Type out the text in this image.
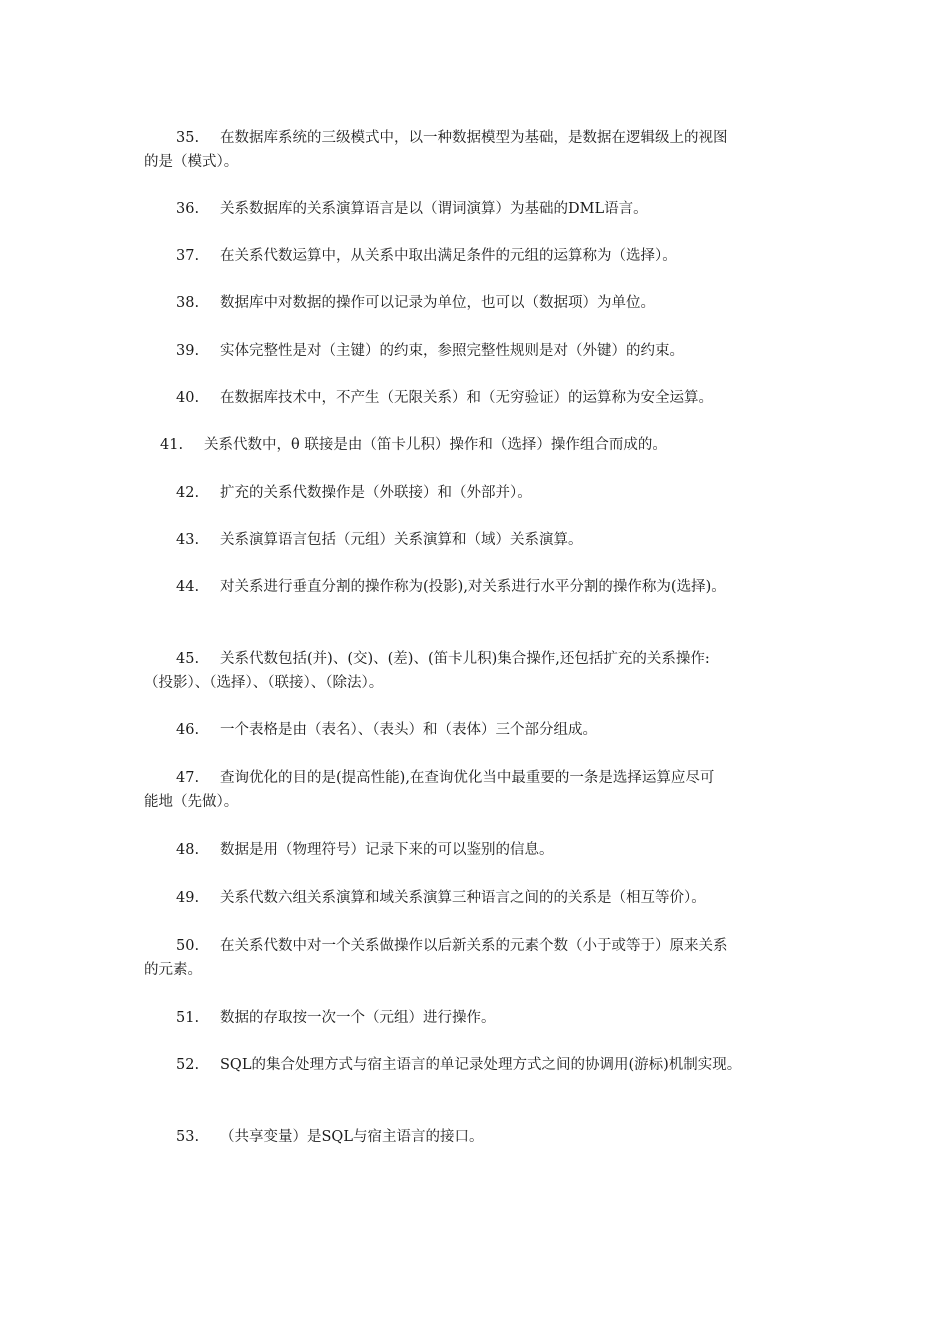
35. 在数据库系统的三级模式中，以一种数据模型为基础，是数据在逻辑级上的视图
的是（模式）。
36. 关系数据库的关系演算语言是以（谓词演算）为基础的DML语言。
37. 在关系代数运算中，从关系中取出满足条件的元组的运算称为（选择）。
38. 数据库中对数据的操作可以记录为单位，也可以（数据项）为单位。
39. 实体完整性是对（主键）的约束，参照完整性规则是对（外键）的约束。
40. 在数据库技术中，不产生（无限关系）和（无穷验证）的运算称为安全运算。
41. 关系代数中，θ 联接是由（笛卡儿积）操作和（选择）操作组合而成的。
42. 扩充的关系代数操作是（外联接）和（外部并）。
43. 关系演算语言包括（元组）关系演算和（域）关系演算。
44. 对关系进行垂直分割的操作称为(投影),对关系进行水平分割的操作称为(选择)。
45. 关系代数包括(并)、(交)、(差)、(笛卡儿积)集合操作,还包括扩充的关系操作:
（投影）、（选择）、（联接）、（除法）。
46. 一个表格是由（表名）、（表头）和（表体）三个部分组成。
47. 查询优化的目的是(提高性能),在查询优化当中最重要的一条是选择运算应尽可
能地（先做）。
48. 数据是用（物理符号）记录下来的可以鉴别的信息。
49. 关系代数六组关系演算和域关系演算三种语言之间的的关系是（相互等价）。
50. 在关系代数中对一个关系做操作以后新关系的元素个数（小于或等于）原来关系
的元素。
51. 数据的存取按一次一个（元组）进行操作。
52. SQL的集合处理方式与宿主语言的单记录处理方式之间的协调用(游标)机制实现。
53. （共享变量）是SQL与宿主语言的接口。
